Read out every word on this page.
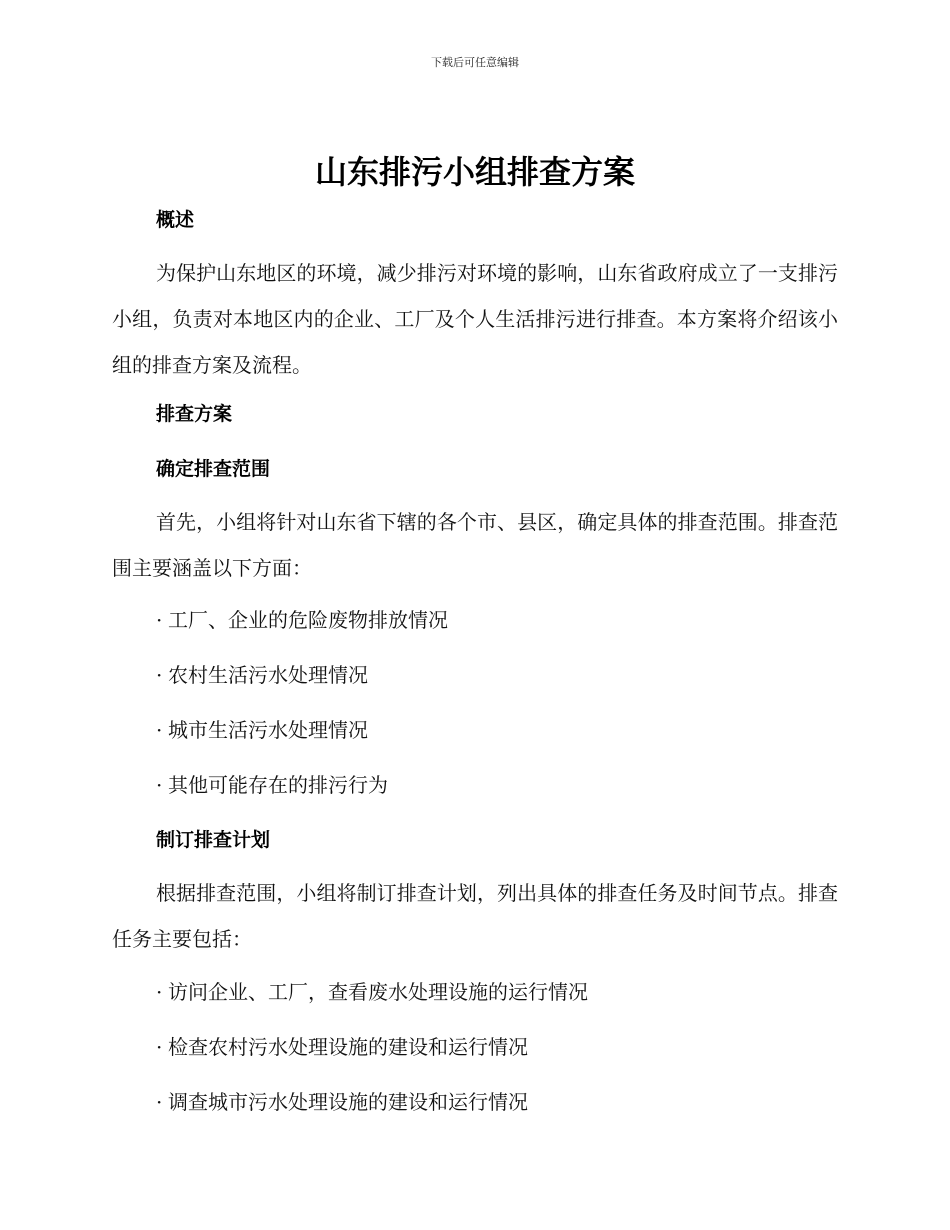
下载后可任意编辑
山东排污小组排查方案
概述
为保护山东地区的环境，减少排污对环境的影响，山东省政府成立了一支排污小组，负责对本地区内的企业、工厂及个人生活排污进行排查。本方案将介绍该小组的排查方案及流程。
排查方案
确定排查范围
首先，小组将针对山东省下辖的各个市、县区，确定具体的排查范围。排查范围主要涵盖以下方面：
· 工厂、企业的危险废物排放情况
· 农村生活污水处理情况
· 城市生活污水处理情况
· 其他可能存在的排污行为
制订排查计划
根据排查范围，小组将制订排查计划，列出具体的排查任务及时间节点。排查任务主要包括：
· 访问企业、工厂，查看废水处理设施的运行情况
· 检查农村污水处理设施的建设和运行情况
· 调查城市污水处理设施的建设和运行情况
